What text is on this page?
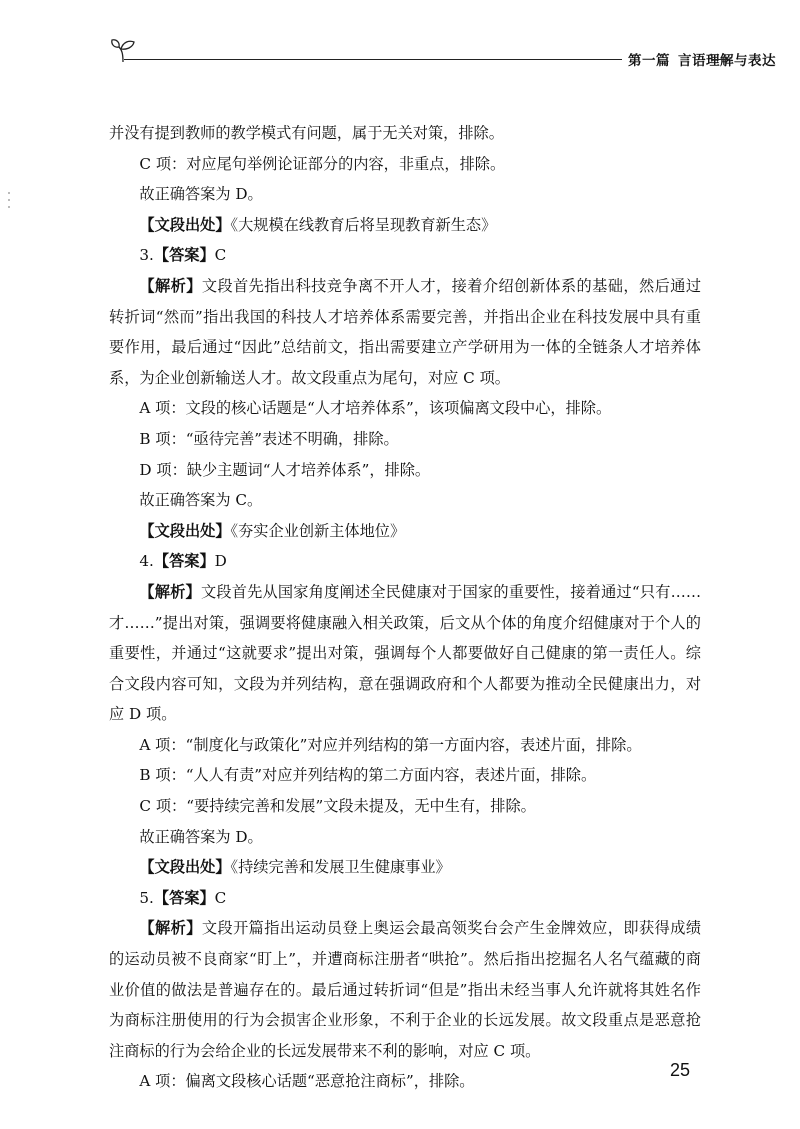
第一篇 言语理解与表达

并没有提到教师的教学模式有问题，属于无关对策，排除。

C 项：对应尾句举例论证部分的内容，非重点，排除。

故正确答案为 D。

【文段出处】《大规模在线教育后将呈现教育新生态》

3.【答案】C

【解析】文段首先指出科技竞争离不开人才，接着介绍创新体系的基础，然后通过转折词“然而”指出我国的科技人才培养体系需要完善，并指出企业在科技发展中具有重要作用，最后通过“因此”总结前文，指出需要建立产学研用为一体的全链条人才培养体系，为企业创新输送人才。故文段重点为尾句，对应 C 项。

A 项：文段的核心话题是“人才培养体系”，该项偏离文段中心，排除。

B 项：“亟待完善”表述不明确，排除。

D 项：缺少主题词“人才培养体系”，排除。

故正确答案为 C。

【文段出处】《夯实企业创新主体地位》

4.【答案】D

【解析】文段首先从国家角度阐述全民健康对于国家的重要性，接着通过“只有……才……”提出对策，强调要将健康融入相关政策，后文从个体的角度介绍健康对于个人的重要性，并通过“这就要求”提出对策，强调每个人都要做好自己健康的第一责任人。综合文段内容可知，文段为并列结构，意在强调政府和个人都要为推动全民健康出力，对应 D 项。

A 项：“制度化与政策化”对应并列结构的第一方面内容，表述片面，排除。

B 项：“人人有责”对应并列结构的第二方面内容，表述片面，排除。

C 项：“要持续完善和发展”文段未提及，无中生有，排除。

故正确答案为 D。

【文段出处】《持续完善和发展卫生健康事业》

5.【答案】C

【解析】文段开篇指出运动员登上奥运会最高领奖台会产生金牌效应，即获得成绩的运动员被不良商家“盯上”，并遭商标注册者“哄抢”。然后指出挖掘名人名气蕴藏的商业价值的做法是普遍存在的。最后通过转折词“但是”指出未经当事人允许就将其姓名作为商标注册使用的行为会损害企业形象，不利于企业的长远发展。故文段重点是恶意抢注商标的行为会给企业的长远发展带来不利的影响，对应 C 项。

A 项：偏离文段核心话题“恶意抢注商标”，排除。

25
